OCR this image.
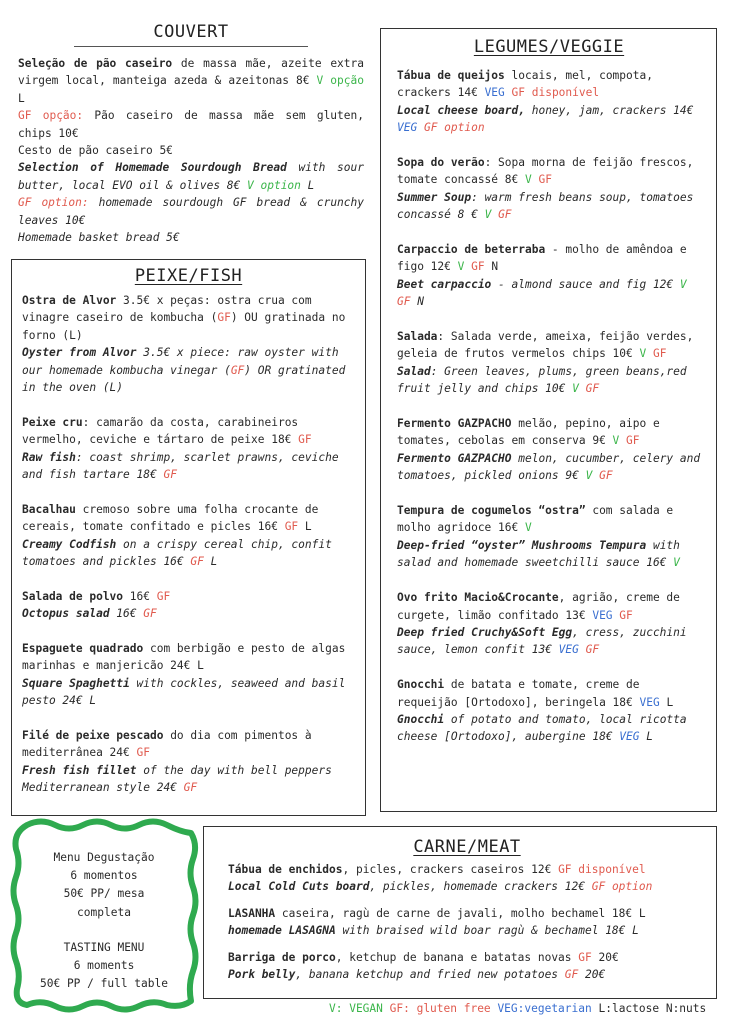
COUVERT

Seleção de pão caseiro de massa mãe, azeite extra virgem local, manteiga azeda & azeitonas 8€ V opção L

GF opção: Pão caseiro de massa mãe sem gluten, chips 10€

Cesto de pão caseiro 5€

Selection of Homemade Sourdough Bread with sour butter, local EVO oil & olives 8€ V option L

GF option: homemade sourdough GF bread & crunchy leaves 10€

Homemade basket bread 5€

PEIXE/FISH

Ostra de Alvor 3.5€ x peças: ostra crua com vinagre caseiro de kombucha (GF) OU gratinada no forno (L)

Oyster from Alvor 3.5€ x piece: raw oyster with our homemade kombucha vinegar (GF) OR gratinated in the oven (L)

Peixe cru: camarão da costa, carabineiros vermelho, ceviche e tártaro de peixe 18€ GF

Raw fish: coast shrimp, scarlet prawns, ceviche and fish tartare 18€ GF

Bacalhau cremoso sobre uma folha crocante de cereais, tomate confitado e picles 16€ GF L

Creamy Codfish on a crispy cereal chip, confit tomatoes and pickles 16€ GF L

Salada de polvo 16€ GF

Octopus salad 16€ GF

Espaguete quadrado com berbigão e pesto de algas marinhas e manjericão 24€ L

Square Spaghetti with cockles, seaweed and basil pesto 24€ L

Filé de peixe pescado do dia com pimentos à mediterrânea 24€ GF

Fresh fish fillet of the day with bell peppers Mediterranean style 24€ GF

LEGUMES/VEGGIE

Tábua de queijos locais, mel, compota, crackers 14€ VEG GF disponível

Local cheese board, honey, jam, crackers 14€ VEG GF option

Sopa do verão: Sopa morna de feijão frescos, tomate concassé 8€ V GF

Summer Soup: warm fresh beans soup, tomatoes concassé 8 € V GF

Carpaccio de beterraba - molho de amêndoa e figo 12€ V GF N

Beet carpaccio - almond sauce and fig 12€ V GF N

Salada: Salada verde, ameixa, feijão verdes, geleia de frutos vermelos chips 10€ V GF

Salad: Green leaves, plums, green beans,red fruit jelly and chips 10€ V GF

Fermento GAZPACHO melão, pepino, aipo e tomates, cebolas em conserva 9€ V GF

Fermento GAZPACHO melon, cucumber, celery and tomatoes, pickled onions 9€ V GF

Tempura de cogumelos “ostra” com salada e molho agridoce 16€ V

Deep-fried “oyster” Mushrooms Tempura with salad and homemade sweetchilli sauce 16€ V

Ovo frito Macio&Crocante, agrião, creme de curgete, limão confitado 13€ VEG GF

Deep fried Cruchy&Soft Egg, cress, zucchini sauce, lemon confit 13€ VEG GF

Gnocchi de batata e tomate, creme de requeijão [Ortodoxo], beringela 18€ VEG L

Gnocchi of potato and tomato, local ricotta cheese [Ortodoxo], aubergine 18€ VEG L

Menu Degustação
6 momentos
50€ PP/ mesa
completa
TASTING MENU
6 moments
50€ PP / full table
CARNE/MEAT

Tábua de enchidos, picles, crackers caseiros 12€ GF disponível

Local Cold Cuts board, pickles, homemade crackers 12€ GF option

LASANHA caseira, ragù de carne de javali, molho bechamel 18€ L

homemade LASAGNA with braised wild boar ragù & bechamel 18€ L

Barriga de porco, ketchup de banana e batatas novas GF 20€

Pork belly, banana ketchup and fried new potatoes GF 20€

V: VEGAN GF: gluten free VEG:vegetarian L:lactose N:nuts
